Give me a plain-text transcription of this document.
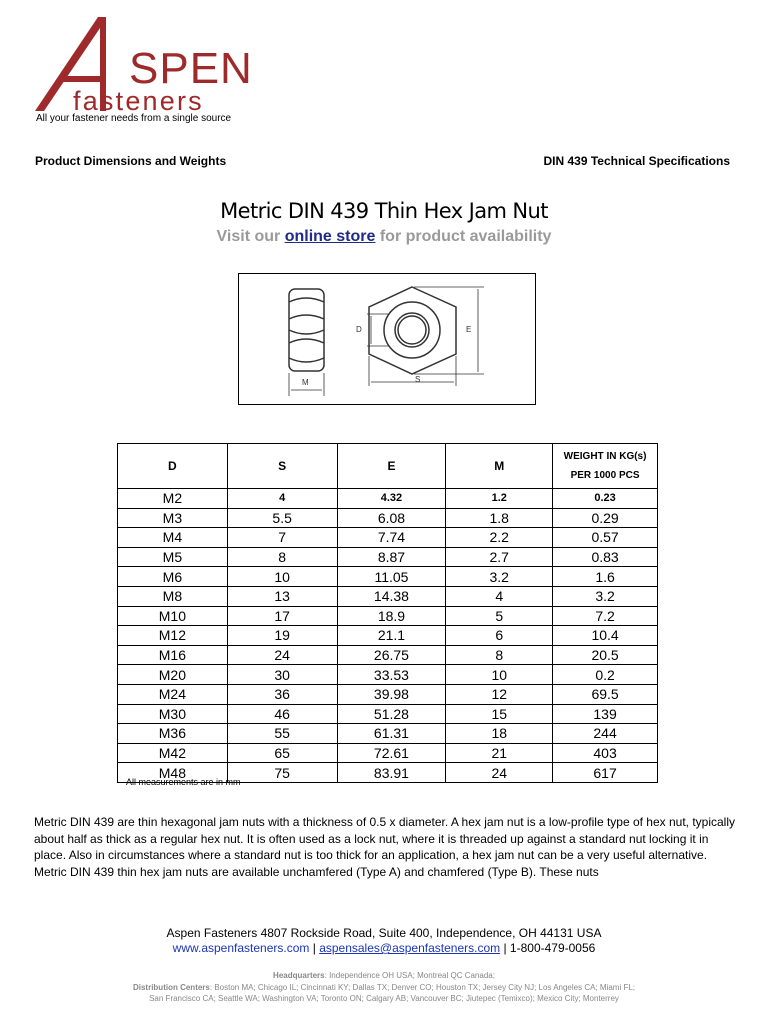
SPEN
fasteners
All your fastener needs from a single source
Product Dimensions and Weights	DIN 439 Technical Specifications
Metric DIN 439 Thin Hex Jam Nut
Visit our online store for product availability
M
D	E
S
D	S	E	M	WEIGHT IN KG(s)
PER 1000 PCS

M2	4	4.32	1.2	0.23
M3	5.5	6.08	1.8	0.29
M4	7	7.74	2.2	0.57
M5	8	8.87	2.7	0.83
M6	10	11.05	3.2	1.6
M8	13	14.38	4	3.2
M10	17	18.9	5	7.2
M12	19	21.1	6	10.4
M16	24	26.75	8	20.5
M20	30	33.53	10	0.2
M24	36	39.98	12	69.5
M30	46	51.28	15	139
M36	55	61.31	18	244
M42	65	72.61	21	403
M48	75	83.91	24	617
All measurements are in mm
Metric DIN 439 are thin hexagonal jam nuts with a thickness of 0.5 x diameter. A hex jam nut is a low-profile type of hex nut, typically about half as thick as a regular hex nut. It is often used as a lock nut, where it is threaded up against a standard nut locking it in place. Also in circumstances where a standard nut is too thick for an application, a hex jam nut can be a very useful alternative. Metric DIN 439 thin hex jam nuts are available unchamfered (Type A) and chamfered (Type B). These nuts
Aspen Fasteners 4807 Rockside Road, Suite 400, Independence, OH 44131 USA
www.aspenfasteners.com | aspensales@aspenfasteners.com | 1-800-479-0056
Headquarters: Independence OH USA; Montreal QC Canada;
Distribution Centers: Boston MA; Chicago IL; Cincinnati KY; Dallas TX; Denver CO; Houston TX; Jersey City NJ; Los Angeles CA; Miami FL;
San Francisco CA; Seattle WA; Washington VA; Toronto ON; Calgary AB; Vancouver BC; Jiutepec (Temixco); Mexico City; Monterrey
